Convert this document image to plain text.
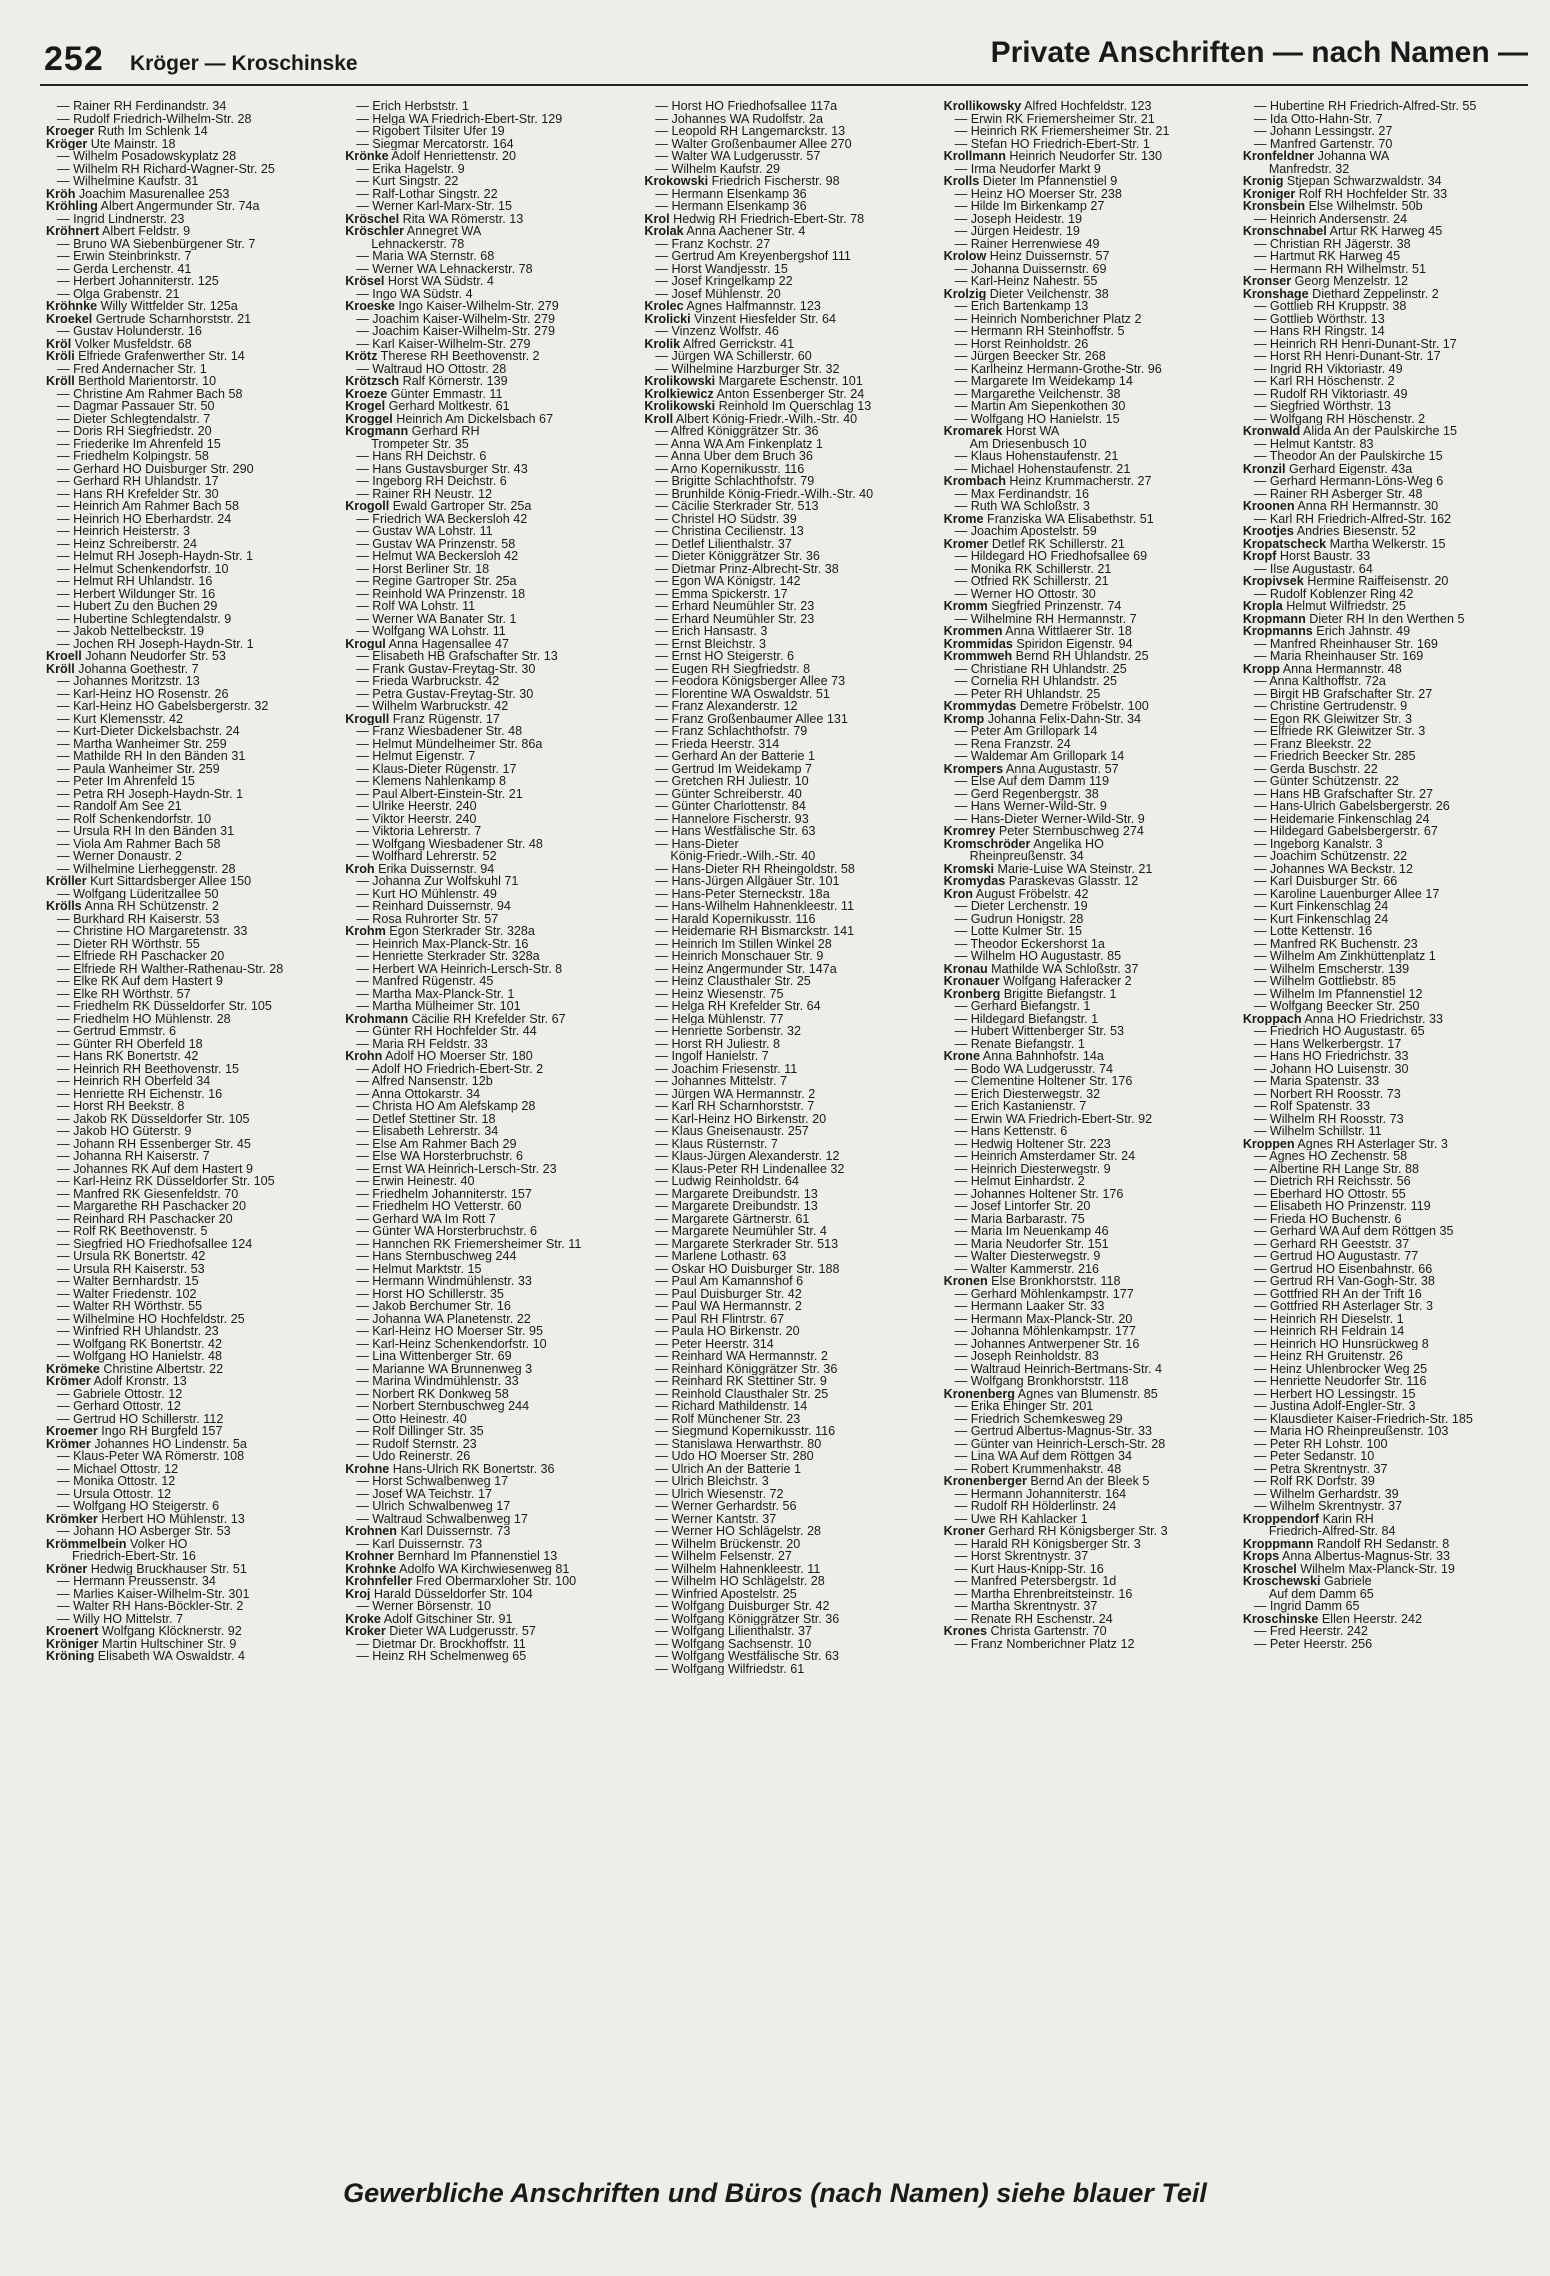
252 Kröger — Kroschinske	Private Anschriften — nach Namen —
— Rainer RH Ferdinandstr. 34
— Rudolf Friedrich-Wilhelm-Str. 28
Kroeger Ruth Im Schlenk 14
Kröger Ute Mainstr. 18
— Wilhelm Posadowskyplatz 28
— Wilhelm RH Richard-Wagner-Str. 25
— Wilhelmine Kaufstr. 31
Kröh Joachim Masurenallee 253
Kröhling Albert Angermunder Str. 74a
— Ingrid Lindnerstr. 23
Kröhnert Albert Feldstr. 9
— Bruno WA Siebenbürgener Str. 7
— Erwin Steinbrinkstr. 7
— Gerda Lerchenstr. 41
— Herbert Johanniterstr. 125
— Olga Grabenstr. 21
Kröhnke Willy Wittfelder Str. 125a
Kroekel Gertrude Scharnhorststr. 21
— Gustav Holunderstr. 16
Kröl Volker Musfeldstr. 68
Kröli Elfriede Grafenwerther Str. 14
— Fred Andernacher Str. 1
Kröll Berthold Marientorstr. 10
— Christine Am Rahmer Bach 58
— Dagmar Passauer Str. 50
— Dieter Schlegtendalstr. 7
— Doris RH Siegfriedstr. 20
— Friederike Im Ahrenfeld 15
— Friedhelm Kolpingstr. 58
— Gerhard HO Duisburger Str. 290
— Gerhard RH Uhlandstr. 17
— Hans RH Krefelder Str. 30
— Heinrich Am Rahmer Bach 58
— Heinrich HO Eberhardstr. 24
— Heinrich Heisterstr. 3
— Heinz Schreiberstr. 24
— Helmut RH Joseph-Haydn-Str. 1
— Helmut Schenkendorfstr. 10
— Helmut RH Uhlandstr. 16
— Herbert Wildunger Str. 16
— Hubert Zu den Buchen 29
— Hubertine Schlegtendalstr. 9
— Jakob Nettelbeckstr. 19
— Jochen RH Joseph-Haydn-Str. 1
Kroell Johann Neudorfer Str. 53
Kröll Johanna Goethestr. 7
— Johannes Moritzstr. 13
— Karl-Heinz HO Rosenstr. 26
— Karl-Heinz HO Gabelsbergerstr. 32
— Kurt Klemensstr. 42
— Kurt-Dieter Dickelsbachstr. 24
— Martha Wanheimer Str. 259
— Mathilde RH In den Bänden 31
— Paula Wanheimer Str. 259
— Peter Im Ahrenfeld 15
— Petra RH Joseph-Haydn-Str. 1
— Randolf Am See 21
— Rolf Schenkendorfstr. 10
— Ursula RH In den Bänden 31
— Viola Am Rahmer Bach 58
— Werner Donaustr. 2
— Wilhelmine Lierheggenstr. 28
Kröller Kurt Sittardsberger Allee 150
— Wolfgang Lüderitzallee 50
Krölls Anna RH Schützenstr. 2
— Burkhard RH Kaiserstr. 53
— Christine HO Margaretenstr. 33
— Dieter RH Wörthstr. 55
— Elfriede RH Paschacker 20
— Elfriede RH Walther-Rathenau-Str. 28
— Elke RK Auf dem Hastert 9
— Elke RH Wörthstr. 57
— Friedhelm RK Düsseldorfer Str. 105
— Friedhelm HO Mühlenstr. 28
— Gertrud Emmstr. 6
— Günter RH Oberfeld 18
— Hans RK Bonertstr. 42
— Heinrich RH Beethovenstr. 15
— Heinrich RH Oberfeld 34
— Henriette RH Eichenstr. 16
— Horst RH Beekstr. 8
— Jakob RK Düsseldorfer Str. 105
— Jakob HO Güterstr. 9
— Johann RH Essenberger Str. 45
— Johanna RH Kaiserstr. 7
— Johannes RK Auf dem Hastert 9
— Karl-Heinz RK Düsseldorfer Str. 105
— Manfred RK Giesenfeldstr. 70
— Margarethe RH Paschacker 20
— Reinhard RH Paschacker 20
— Rolf RK Beethovenstr. 5
— Siegfried HO Friedhofsallee 124
— Ursula RK Bonertstr. 42
— Ursula RH Kaiserstr. 53
— Walter Bernhardstr. 15
— Walter Friedenstr. 102
— Walter RH Wörthstr. 55
— Wilhelmine HO Hochfeldstr. 25
— Winfried RH Uhlandstr. 23
— Wolfgang RK Bonertstr. 42
— Wolfgang HO Hanielstr. 48
Krömeke Christine Albertstr. 22
Krömer Adolf Kronstr. 13
— Gabriele Ottostr. 12
— Gerhard Ottostr. 12
— Gertrud HO Schillerstr. 112
Kroemer Ingo RH Burgfeld 157
Krömer Johannes HO Lindenstr. 5a
— Klaus-Peter WA Römerstr. 108
— Michael Ottostr. 12
— Monika Ottostr. 12
— Ursula Ottostr. 12
— Wolfgang HO Steigerstr. 6
Krömker Herbert HO Mühlenstr. 13
— Johann HO Asberger Str. 53
Krömmelbein Volker HO
Friedrich-Ebert-Str. 16
Kröner Hedwig Bruckhauser Str. 51
— Hermann Preussenstr. 34
— Marlies Kaiser-Wilhelm-Str. 301
— Walter RH Hans-Böckler-Str. 2
— Willy HO Mittelstr. 7
Kroenert Wolfgang Klöcknerstr. 92
Kröniger Martin Hultschiner Str. 9
Kröning Elisabeth WA Oswaldstr. 4
— Erich Herbststr. 1
— Helga WA Friedrich-Ebert-Str. 129
— Rigobert Tilsiter Ufer 19
— Siegmar Mercatorstr. 164
Krönke Adolf Henriettenstr. 20
— Erika Hagelstr. 9
— Kurt Singstr. 22
— Ralf-Lothar Singstr. 22
— Werner Karl-Marx-Str. 15
Kröschel Rita WA Römerstr. 13
Kröschler Annegret WA
Lehnackerstr. 78
— Maria WA Sternstr. 68
— Werner WA Lehnackerstr. 78
Krösel Horst WA Südstr. 4
— Ingo WA Südstr. 4
Kroeske Ingo Kaiser-Wilhelm-Str. 279
— Joachim Kaiser-Wilhelm-Str. 279
— Joachim Kaiser-Wilhelm-Str. 279
— Karl Kaiser-Wilhelm-Str. 279
Krötz Therese RH Beethovenstr. 2
— Waltraud HO Ottostr. 28
Krötzsch Ralf Körnerstr. 139
Kroeze Günter Emmastr. 11
Krogel Gerhard Moltkestr. 61
Kroggel Heinrich Am Dickelsbach 67
Krogmann Gerhard RH
Trompeter Str. 35
— Hans RH Deichstr. 6
— Hans Gustavsburger Str. 43
— Ingeborg RH Deichstr. 6
— Rainer RH Neustr. 12
Krogoll Ewald Gartroper Str. 25a
— Friedrich WA Beckersloh 42
— Gustav WA Lohstr. 11
— Gustav WA Prinzenstr. 58
— Helmut WA Beckersloh 42
— Horst Berliner Str. 18
— Regine Gartroper Str. 25a
— Reinhold WA Prinzenstr. 18
— Rolf WA Lohstr. 11
— Werner WA Banater Str. 1
— Wolfgang WA Lohstr. 11
Krogul Anna Hagensallee 47
— Elisabeth HB Grafschafter Str. 13
— Frank Gustav-Freytag-Str. 30
— Frieda Warbruckstr. 42
— Petra Gustav-Freytag-Str. 30
— Wilhelm Warbruckstr. 42
Krogull Franz Rügenstr. 17
— Franz Wiesbadener Str. 48
— Helmut Mündelheimer Str. 86a
— Helmut Eigenstr. 7
— Klaus-Dieter Rügenstr. 17
— Klemens Nahlenkamp 8
— Paul Albert-Einstein-Str. 21
— Ulrike Heerstr. 240
— Viktor Heerstr. 240
— Viktoria Lehrerstr. 7
— Wolfgang Wiesbadener Str. 48
— Wolfhard Lehrerstr. 52
Kroh Erika Duissernstr. 94
— Johanna Zur Wolfskuhl 71
— Kurt HO Mühlenstr. 49
— Reinhard Duissernstr. 94
— Rosa Ruhrorter Str. 57
Krohm Egon Sterkrader Str. 328a
— Heinrich Max-Planck-Str. 16
— Henriette Sterkrader Str. 328a
— Herbert WA Heinrich-Lersch-Str. 8
— Manfred Rügenstr. 45
— Martha Max-Planck-Str. 1
— Martha Mülheimer Str. 101
Krohmann Cäcilie RH Krefelder Str. 67
— Günter RH Hochfelder Str. 44
— Maria RH Feldstr. 33
Krohn Adolf HO Moerser Str. 180
— Adolf HO Friedrich-Ebert-Str. 2
— Alfred Nansenstr. 12b
— Anna Ottokarstr. 34
— Christa HO Am Alefskamp 28
— Detlef Stettiner Str. 18
— Elisabeth Lehrerstr. 34
— Else Am Rahmer Bach 29
— Else WA Horsterbruchstr. 6
— Ernst WA Heinrich-Lersch-Str. 23
— Erwin Heinestr. 40
— Friedhelm Johanniterstr. 157
— Friedhelm HO Vetterstr. 60
— Gerhard WA Im Rott 7
— Günter WA Horsterbruchstr. 6
— Hannchen RK Friemersheimer Str. 11
— Hans Sternbuschweg 244
— Helmut Marktstr. 15
— Hermann Windmühlenstr. 33
— Horst HO Schillerstr. 35
— Jakob Berchumer Str. 16
— Johanna WA Planetenstr. 22
— Karl-Heinz HO Moerser Str. 95
— Karl-Heinz Schenkendorfstr. 10
— Lina Wittenberger Str. 69
— Marianne WA Brunnenweg 3
— Marina Windmühlenstr. 33
— Norbert RK Donkweg 58
— Norbert Sternbuschweg 244
— Otto Heinestr. 40
— Rolf Dillinger Str. 35
— Rudolf Sternstr. 23
— Udo Reinerstr. 26
Krohne Hans-Ulrich RK Bonertstr. 36
— Horst Schwalbenweg 17
— Josef WA Teichstr. 17
— Ulrich Schwalbenweg 17
— Waltraud Schwalbenweg 17
Krohnen Karl Duissernstr. 73
— Karl Duissernstr. 73
Krohner Bernhard Im Pfannenstiel 13
Krohnke Adolfo WA Kirchwiesenweg 81
Krohnfeller Fred Obermarxloher Str. 100
Kroj Harald Düsseldorfer Str. 104
— Werner Börsenstr. 10
Kroke Adolf Gitschiner Str. 91
Kroker Dieter WA Ludgerusstr. 57
— Dietmar Dr. Brockhoffstr. 11
— Heinz RH Schelmenweg 65
— Horst HO Friedhofsallee 117a
— Johannes WA Rudolfstr. 2a
— Leopold RH Langemarckstr. 13
— Walter Großenbaumer Allee 270
— Walter WA Ludgerusstr. 57
— Wilhelm Kaufstr. 29
Krokowski Friedrich Fischerstr. 98
— Hermann Elsenkamp 36
— Hermann Elsenkamp 36
Krol Hedwig RH Friedrich-Ebert-Str. 78
Krolak Anna Aachener Str. 4
— Franz Kochstr. 27
— Gertrud Am Kreyenbergshof 111
— Horst Wandjesstr. 15
— Josef Kringelkamp 22
— Josef Mühlenstr. 20
Krolec Agnes Halfmannstr. 123
Krolicki Vinzent Hiesfelder Str. 64
— Vinzenz Wolfstr. 46
Krolik Alfred Gerrickstr. 41
— Jürgen WA Schillerstr. 60
— Wilhelmine Harzburger Str. 32
Krolikowski Margarete Eschenstr. 101
Krolkiewicz Anton Essenberger Str. 24
Krolikowski Reinhold Im Querschlag 13
Kroll Albert König-Friedr.-Wilh.-Str. 40
— Alfred Königgrätzer Str. 36
— Anna WA Am Finkenplatz 1
— Anna Über dem Bruch 36
— Arno Kopernikusstr. 116
— Brigitte Schlachthofstr. 79
— Brunhilde König-Friedr.-Wilh.-Str. 40
— Cäcilie Sterkrader Str. 513
— Christel HO Südstr. 39
— Christina Cecilienstr. 13
— Detlef Lilienthalstr. 37
— Dieter Königgrätzer Str. 36
— Dietmar Prinz-Albrecht-Str. 38
— Egon WA Königstr. 142
— Emma Spickerstr. 17
— Erhard Neumühler Str. 23
— Erhard Neumühler Str. 23
— Erich Hansastr. 3
— Ernst Bleichstr. 3
— Ernst HO Steigerstr. 6
— Eugen RH Siegfriedstr. 8
— Feodora Königsberger Allee 73
— Florentine WA Oswaldstr. 51
— Franz Alexanderstr. 12
— Franz Großenbaumer Allee 131
— Franz Schlachthofstr. 79
— Frieda Heerstr. 314
— Gerhard An der Batterie 1
— Gertrud Im Weidekamp 7
— Gretchen RH Juliestr. 10
— Günter Schreiberstr. 40
— Günter Charlottenstr. 84
— Hannelore Fischerstr. 93
— Hans Westfälische Str. 63
— Hans-Dieter
König-Friedr.-Wilh.-Str. 40
— Hans-Dieter RH Rheingoldstr. 58
— Hans-Jürgen Allgäuer Str. 101
— Hans-Peter Sterneckstr. 18a
— Hans-Wilhelm Hahnenkleestr. 11
— Harald Kopernikusstr. 116
— Heidemarie RH Bismarckstr. 141
— Heinrich Im Stillen Winkel 28
— Heinrich Monschauer Str. 9
— Heinz Angermunder Str. 147a
— Heinz Clausthaler Str. 25
— Heinz Wiesenstr. 75
— Helga RH Krefelder Str. 64
— Helga Mühlenstr. 77
— Henriette Sorbenstr. 32
— Horst RH Juliestr. 8
— Ingolf Hanielstr. 7
— Joachim Friesenstr. 11
— Johannes Mittelstr. 7
— Jürgen WA Hermannstr. 2
— Karl RH Scharnhorststr. 7
— Karl-Heinz HO Birkenstr. 20
— Klaus Gneisenaustr. 257
— Klaus Rüsternstr. 7
— Klaus-Jürgen Alexanderstr. 12
— Klaus-Peter RH Lindenallee 32
— Ludwig Reinholdstr. 64
— Margarete Dreibundstr. 13
— Margarete Dreibundstr. 13
— Margarete Gärtnerstr. 61
— Margarete Neumühler Str. 4
— Margarete Sterkrader Str. 513
— Marlene Lothastr. 63
— Oskar HO Duisburger Str. 188
— Paul Am Kamannshof 6
— Paul Duisburger Str. 42
— Paul WA Hermannstr. 2
— Paul RH Flintrstr. 67
— Paula HO Birkenstr. 20
— Peter Heerstr. 314
— Reinhard WA Hermannstr. 2
— Reinhard Königgrätzer Str. 36
— Reinhard RK Stettiner Str. 9
— Reinhold Clausthaler Str. 25
— Richard Mathildenstr. 14
— Rolf Münchener Str. 23
— Siegmund Kopernikusstr. 116
— Stanislawa Herwarthstr. 80
— Udo HO Moerser Str. 280
— Ulrich An der Batterie 1
— Ulrich Bleichstr. 3
— Ulrich Wiesenstr. 72
— Werner Gerhardstr. 56
— Werner Kantstr. 37
— Werner HO Schlägelstr. 28
— Wilhelm Brückenstr. 20
— Wilhelm Felsenstr. 27
— Wilhelm Hahnenkleestr. 11
— Wilhelm HO Schlägelstr. 28
— Winfried Apostelstr. 25
— Wolfgang Duisburger Str. 42
— Wolfgang Königgrätzer Str. 36
— Wolfgang Lilienthalstr. 37
— Wolfgang Sachsenstr. 10
— Wolfgang Westfälische Str. 63
— Wolfgang Wilfriedstr. 61
Krollikowsky Alfred Hochfeldstr. 123
— Erwin RK Friemersheimer Str. 21
— Heinrich RK Friemersheimer Str. 21
— Stefan HO Friedrich-Ebert-Str. 1
Krollmann Heinrich Neudorfer Str. 130
— Irma Neudorfer Markt 9
Krolls Dieter Im Pfannenstiel 9
— Heinz HO Moerser Str. 238
— Hilde Im Birkenkamp 27
— Joseph Heidestr. 19
— Jürgen Heidestr. 19
— Rainer Herrenwiese 49
Krolow Heinz Duissernstr. 57
— Johanna Duissernstr. 69
— Karl-Heinz Nahestr. 55
Krolzig Dieter Veilchenstr. 38
— Erich Bartenkamp 13
— Heinrich Nomberichner Platz 2
— Hermann RH Steinhoffstr. 5
— Horst Reinholdstr. 26
— Jürgen Beecker Str. 268
— Karlheinz Hermann-Grothe-Str. 96
— Margarete Im Weidekamp 14
— Margarethe Veilchenstr. 38
— Martin Am Siepenkothen 30
— Wolfgang HO Hanielstr. 15
Kromarek Horst WA
Am Driesenbusch 10
— Klaus Hohenstaufenstr. 21
— Michael Hohenstaufenstr. 21
Krombach Heinz Krummacherstr. 27
— Max Ferdinandstr. 16
— Ruth WA Schloßstr. 3
Krome Franziska WA Elisabethstr. 51
— Joachim Apostelstr. 59
Kromer Detlef RK Schillerstr. 21
— Hildegard HO Friedhofsallee 69
— Monika RK Schillerstr. 21
— Otfried RK Schillerstr. 21
— Werner HO Ottostr. 30
Kromm Siegfried Prinzenstr. 74
— Wilhelmine RH Hermannstr. 7
Krommen Anna Wittlaerer Str. 18
Krommidas Spiridon Eigenstr. 94
Krommweh Bernd RH Uhlandstr. 25
— Christiane RH Uhlandstr. 25
— Cornelia RH Uhlandstr. 25
— Peter RH Uhlandstr. 25
Krommydas Demetre Fröbelstr. 100
Kromp Johanna Felix-Dahn-Str. 34
— Peter Am Grillopark 14
— Rena Franzstr. 24
— Waldemar Am Grillopark 14
Krompers Anna Augustastr. 57
— Else Auf dem Damm 119
— Gerd Regenbergstr. 38
— Hans Werner-Wild-Str. 9
— Hans-Dieter Werner-Wild-Str. 9
Kromrey Peter Sternbuschweg 274
Kromschröder Angelika HO
Rheinpreußenstr. 34
Kromski Marie-Luise WA Steinstr. 21
Kromydas Paraskevas Glasstr. 12
Kron August Fröbelstr. 42
— Dieter Lerchenstr. 19
— Gudrun Honigstr. 28
— Lotte Kulmer Str. 15
— Theodor Eckershorst 1a
— Wilhelm HO Augustastr. 85
Kronau Mathilde WA Schloßstr. 37
Kronauer Wolfgang Haferacker 2
Kronberg Brigitte Biefangstr. 1
— Gerhard Biefangstr. 1
— Hildegard Biefangstr. 1
— Hubert Wittenberger Str. 53
— Renate Biefangstr. 1
Krone Anna Bahnhofstr. 14a
— Bodo WA Ludgerusstr. 74
— Clementine Holtener Str. 176
— Erich Diesterwegstr. 32
— Erich Kastanienstr. 7
— Erwin WA Friedrich-Ebert-Str. 92
— Hans Kettenstr. 6
— Hedwig Holtener Str. 223
— Heinrich Amsterdamer Str. 24
— Heinrich Diesterwegstr. 9
— Helmut Einhardstr. 2
— Johannes Holtener Str. 176
— Josef Lintorfer Str. 20
— Maria Barbarastr. 75
— Maria Im Neuenkamp 46
— Maria Neudorfer Str. 151
— Walter Diesterwegstr. 9
— Walter Kammerstr. 216
Kronen Else Bronkhorststr. 118
— Gerhard Möhlenkampstr. 177
— Hermann Laaker Str. 33
— Hermann Max-Planck-Str. 20
— Johanna Möhlenkampstr. 177
— Johannes Antwerpener Str. 16
— Joseph Reinholdstr. 83
— Waltraud Heinrich-Bertmans-Str. 4
— Wolfgang Bronkhorststr. 118
Kronenberg Agnes van Blumenstr. 85
— Erika Ehinger Str. 201
— Friedrich Schemkesweg 29
— Gertrud Albertus-Magnus-Str. 33
— Günter van Heinrich-Lersch-Str. 28
— Lina WA Auf dem Röttgen 34
— Robert Krummenhakstr. 48
Kronenberger Bernd An der Bleek 5
— Hermann Johanniterstr. 164
— Rudolf RH Hölderlinstr. 24
— Uwe RH Kahlacker 1
Kroner Gerhard RH Königsberger Str. 3
— Harald RH Königsberger Str. 3
— Horst Skrentnystr. 37
— Kurt Haus-Knipp-Str. 16
— Manfred Petersbergstr. 1d
— Martha Ehrenbreitsteinstr. 16
— Martha Skrentnystr. 37
— Renate RH Eschenstr. 24
Krones Christa Gartenstr. 70
— Franz Nomberichner Platz 12
— Hubertine RH Friedrich-Alfred-Str. 55
— Ida Otto-Hahn-Str. 7
— Johann Lessingstr. 27
— Manfred Gartenstr. 70
Kronfeldner Johanna WA
Manfredstr. 32
Kronig Stjepan Schwarzwaldstr. 34
Kroniger Rolf RH Hochfelder Str. 33
Kronsbein Else Wilhelmstr. 50b
— Heinrich Andersenstr. 24
Kronschnabel Artur RK Harweg 45
— Christian RH Jägerstr. 38
— Hartmut RK Harweg 45
— Hermann RH Wilhelmstr. 51
Kronser Georg Menzelstr. 12
Kronshage Diethard Zeppelinstr. 2
— Gottlieb RH Kruppstr. 38
— Gottlieb Wörthstr. 13
— Hans RH Ringstr. 14
— Heinrich RH Henri-Dunant-Str. 17
— Horst RH Henri-Dunant-Str. 17
— Ingrid RH Viktoriastr. 49
— Karl RH Höschenstr. 2
— Rudolf RH Viktoriastr. 49
— Siegfried Wörthstr. 13
— Wolfgang RH Höschenstr. 2
Kronwald Alida An der Paulskirche 15
— Helmut Kantstr. 83
— Theodor An der Paulskirche 15
Kronzil Gerhard Eigenstr. 43a
— Gerhard Hermann-Löns-Weg 6
— Rainer RH Asberger Str. 48
Kroonen Anna RH Hermannstr. 30
— Karl RH Friedrich-Alfred-Str. 162
Krootjes Andries Biesenstr. 52
Kropatscheck Martha Welkerstr. 15
Kropf Horst Baustr. 33
— Ilse Augustastr. 64
Kropivsek Hermine Raiffeisenstr. 20
— Rudolf Koblenzer Ring 42
Kropla Helmut Wilfriedstr. 25
Kropmann Dieter RH In den Werthen 5
Kropmanns Erich Jahnstr. 49
— Manfred Rheinhauser Str. 169
— Maria Rheinhauser Str. 169
Kropp Anna Hermannstr. 48
— Anna Kalthoffstr. 72a
— Birgit HB Grafschafter Str. 27
— Christine Gertrudenstr. 9
— Egon RK Gleiwitzer Str. 3
— Elfriede RK Gleiwitzer Str. 3
— Franz Bleekstr. 22
— Friedrich Beecker Str. 285
— Gerda Buschstr. 22
— Günter Schützenstr. 22
— Hans HB Grafschafter Str. 27
— Hans-Ulrich Gabelsbergerstr. 26
— Heidemarie Finkenschlag 24
— Hildegard Gabelsbergerstr. 67
— Ingeborg Kanalstr. 3
— Joachim Schützenstr. 22
— Johannes WA Beckstr. 12
— Karl Duisburger Str. 66
— Karoline Lauenburger Allee 17
— Kurt Finkenschlag 24
— Kurt Finkenschlag 24
— Lotte Kettenstr. 16
— Manfred RK Buchenstr. 23
— Wilhelm Am Zinkhüttenplatz 1
— Wilhelm Emscherstr. 139
— Wilhelm Gottliebstr. 85
— Wilhelm Im Pfannenstiel 12
— Wolfgang Beecker Str. 250
Kroppach Anna HO Friedrichstr. 33
— Friedrich HO Augustastr. 65
— Hans Welkerbergstr. 17
— Hans HO Friedrichstr. 33
— Johann HO Luisenstr. 30
— Maria Spatenstr. 33
— Norbert RH Roosstr. 73
— Rolf Spatenstr. 33
— Wilhelm RH Roosstr. 73
— Wilhelm Schillstr. 11
Kroppen Agnes RH Asterlager Str. 3
— Agnes HO Zechenstr. 58
— Albertine RH Lange Str. 88
— Dietrich RH Reichsstr. 56
— Eberhard HO Ottostr. 55
— Elisabeth HO Prinzenstr. 119
— Frieda HO Buchenstr. 6
— Gerhard WA Auf dem Röttgen 35
— Gerhard RH Geeststr. 37
— Gertrud HO Augustastr. 77
— Gertrud HO Eisenbahnstr. 66
— Gertrud RH Van-Gogh-Str. 38
— Gottfried RH An der Trift 16
— Gottfried RH Asterlager Str. 3
— Heinrich RH Dieselstr. 1
— Heinrich RH Feldrain 14
— Heinrich HO Hunsrückweg 8
— Heinz RH Gruitenstr. 26
— Heinz Uhlenbrocker Weg 25
— Henriette Neudorfer Str. 116
— Herbert HO Lessingstr. 15
— Justina Adolf-Engler-Str. 3
— Klausdieter Kaiser-Friedrich-Str. 185
— Maria HO Rheinpreußenstr. 103
— Peter RH Lohstr. 100
— Peter Sedanstr. 10
— Petra Skrentnystr. 37
— Rolf RK Dorfstr. 39
— Wilhelm Gerhardstr. 39
— Wilhelm Skrentnystr. 37
Kroppendorf Karin RH
Friedrich-Alfred-Str. 84
Kroppmann Randolf RH Sedanstr. 8
Krops Anna Albertus-Magnus-Str. 33
Kroschel Wilhelm Max-Planck-Str. 19
Kroschewski Gabriele
Auf dem Damm 65
— Ingrid Damm 65
Kroschinske Ellen Heerstr. 242
— Fred Heerstr. 242
— Peter Heerstr. 256
Gewerbliche Anschriften und Büros (nach Namen) siehe blauer Teil
